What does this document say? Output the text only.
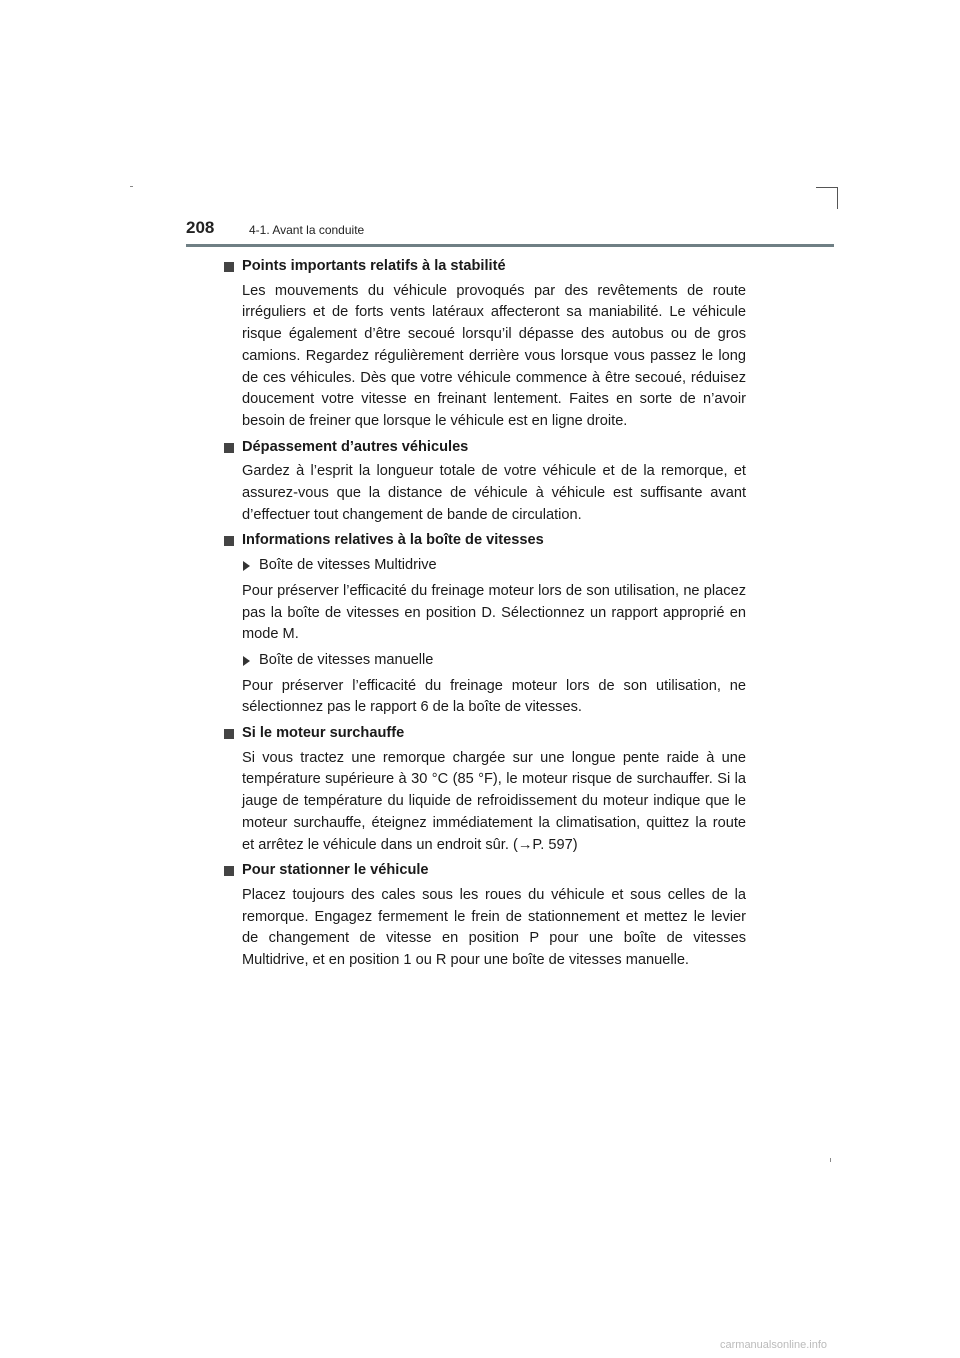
208	4-1. Avant la conduite
Points importants relatifs à la stabilité
Les mouvements du véhicule provoqués par des revêtements de route irréguliers et de forts vents latéraux affecteront sa maniabilité. Le véhicule risque également d’être secoué lorsqu’il dépasse des autobus ou de gros camions. Regardez régulièrement derrière vous lorsque vous passez le long de ces véhicules. Dès que votre véhicule commence à être secoué, réduisez doucement votre vitesse en freinant lentement. Faites en sorte de n’avoir besoin de freiner que lorsque le véhicule est en ligne droite.
Dépassement d’autres véhicules
Gardez à l’esprit la longueur totale de votre véhicule et de la remorque, et assurez-vous que la distance de véhicule à véhicule est suffisante avant d’effectuer tout changement de bande de circulation.
Informations relatives à la boîte de vitesses
Boîte de vitesses Multidrive
Pour préserver l’efficacité du freinage moteur lors de son utilisation, ne placez pas la boîte de vitesses en position D. Sélectionnez un rapport approprié en mode M.
Boîte de vitesses manuelle
Pour préserver l’efficacité du freinage moteur lors de son utilisation, ne sélectionnez pas le rapport 6 de la boîte de vitesses.
Si le moteur surchauffe
Si vous tractez une remorque chargée sur une longue pente raide à une température supérieure à 30 °C (85 °F), le moteur risque de surchauffer. Si la jauge de température du liquide de refroidissement du moteur indique que le moteur surchauffe, éteignez immédiatement la climatisation, quittez la route et arrêtez le véhicule dans un endroit sûr. (→P. 597)
Pour stationner le véhicule
Placez toujours des cales sous les roues du véhicule et sous celles de la remorque. Engagez fermement le frein de stationnement et mettez le levier de changement de vitesse en position P pour une boîte de vitesses Multidrive, et en position 1 ou R pour une boîte de vitesses manuelle.
carmanualsonline.info
